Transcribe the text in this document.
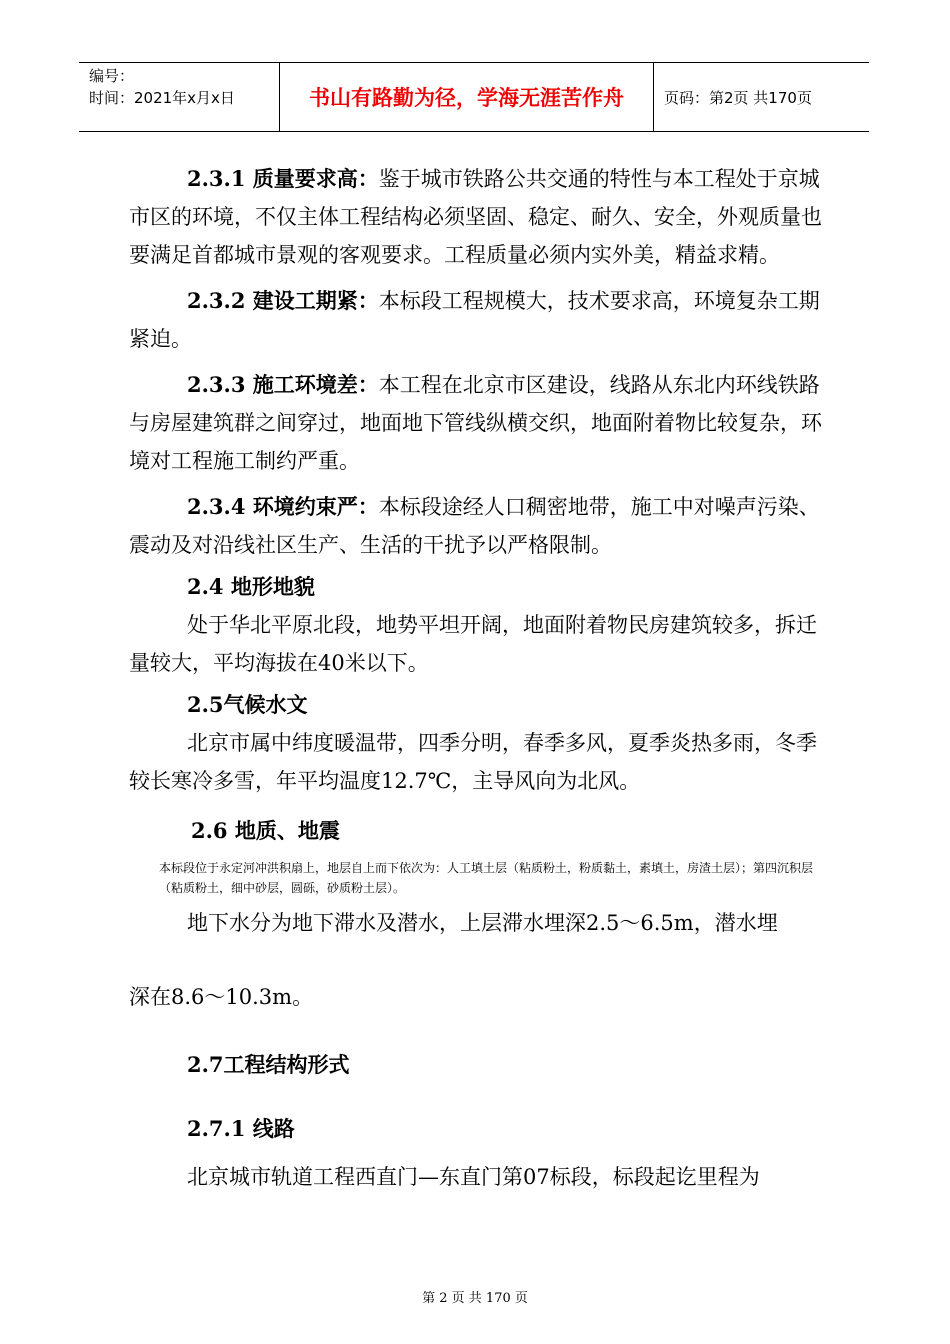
编号：
时间：2021年x月x日	书山有路勤为径，学海无涯苦作舟	页码：第2页 共170页

2.3.1 质量要求高：鉴于城市铁路公共交通的特性与本工程处于京城市区的环境，不仅主体工程结构必须坚固、稳定、耐久、安全，外观质量也要满足首都城市景观的客观要求。工程质量必须内实外美，精益求精。

2.3.2 建设工期紧：本标段工程规模大，技术要求高，环境复杂工期紧迫。

2.3.3 施工环境差：本工程在北京市区建设，线路从东北内环线铁路与房屋建筑群之间穿过，地面地下管线纵横交织，地面附着物比较复杂，环境对工程施工制约严重。

2.3.4 环境约束严：本标段途经人口稠密地带，施工中对噪声污染、震动及对沿线社区生产、生活的干扰予以严格限制。

2.4 地形地貌

处于华北平原北段，地势平坦开阔，地面附着物民房建筑较多，拆迁量较大，平均海拔在40米以下。

2.5气候水文

北京市属中纬度暖温带，四季分明，春季多风，夏季炎热多雨，冬季较长寒冷多雪，年平均温度12.7℃，主导风向为北风。

2.6 地质、地震

本标段位于永定河冲洪积扇上，地层自上而下依次为：人工填土层（粘质粉土，粉质黏土，素填土，房渣土层）；第四沉积层（粘质粉土，细中砂层，圆砾，砂质粉土层）。

地下水分为地下滞水及潜水，上层滞水埋深2.5～6.5m，潜水埋

深在8.6～10.3m。

2.7工程结构形式

2.7.1 线路

北京城市轨道工程西直门—东直门第07标段，标段起讫里程为

第 2 页 共 170 页
